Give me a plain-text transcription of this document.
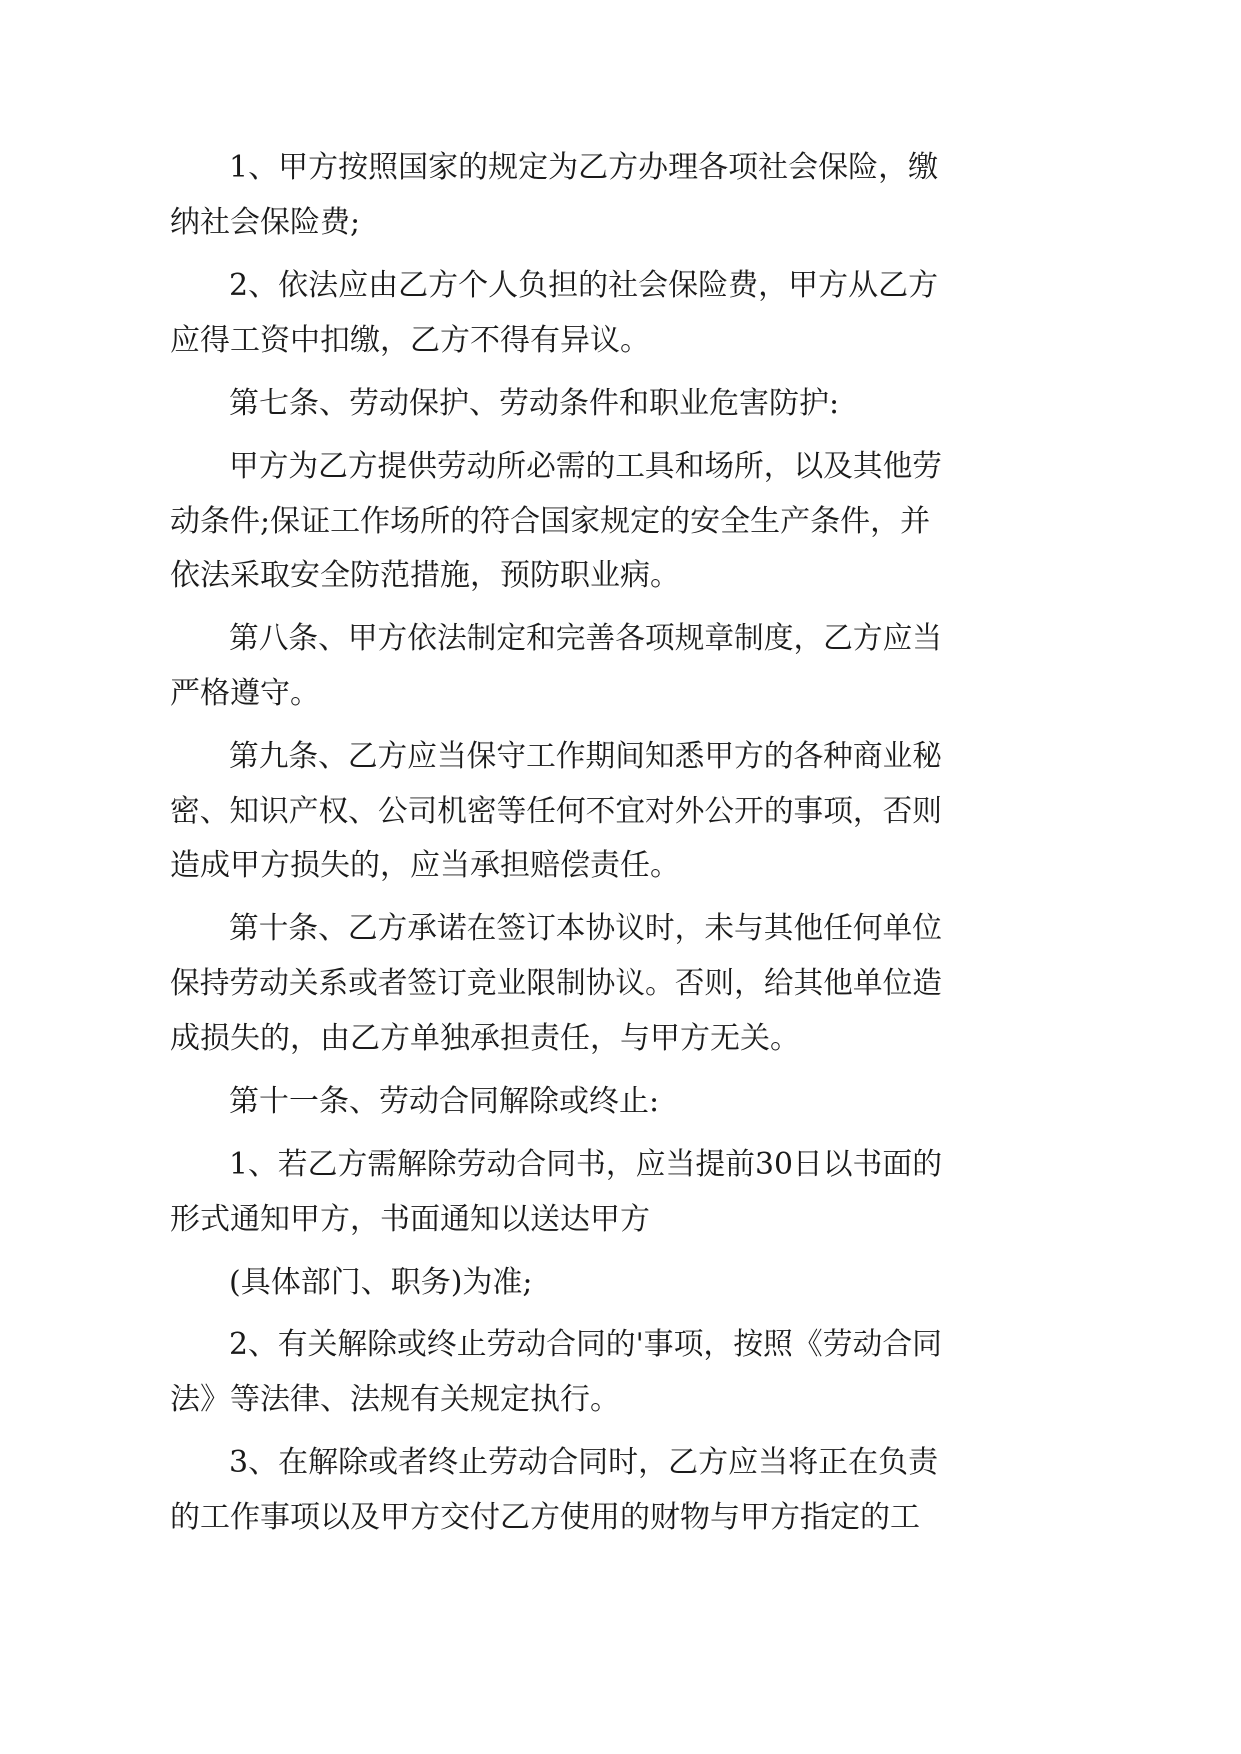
1、甲方按照国家的规定为乙方办理各项社会保险，缴
纳社会保险费;
2、依法应由乙方个人负担的社会保险费，甲方从乙方
应得工资中扣缴，乙方不得有异议。
第七条、劳动保护、劳动条件和职业危害防护:
甲方为乙方提供劳动所必需的工具和场所，以及其他劳
动条件;保证工作场所的符合国家规定的安全生产条件，并
依法采取安全防范措施，预防职业病。
第八条、甲方依法制定和完善各项规章制度，乙方应当
严格遵守。
第九条、乙方应当保守工作期间知悉甲方的各种商业秘
密、知识产权、公司机密等任何不宜对外公开的事项，否则
造成甲方损失的，应当承担赔偿责任。
第十条、乙方承诺在签订本协议时，未与其他任何单位
保持劳动关系或者签订竞业限制协议。否则，给其他单位造
成损失的，由乙方单独承担责任，与甲方无关。
第十一条、劳动合同解除或终止:
1、若乙方需解除劳动合同书，应当提前30日以书面的
形式通知甲方，书面通知以送达甲方
(具体部门、职务)为准;
2、有关解除或终止劳动合同的'事项，按照《劳动合同
法》等法律、法规有关规定执行。
3、在解除或者终止劳动合同时，乙方应当将正在负责
的工作事项以及甲方交付乙方使用的财物与甲方指定的工
